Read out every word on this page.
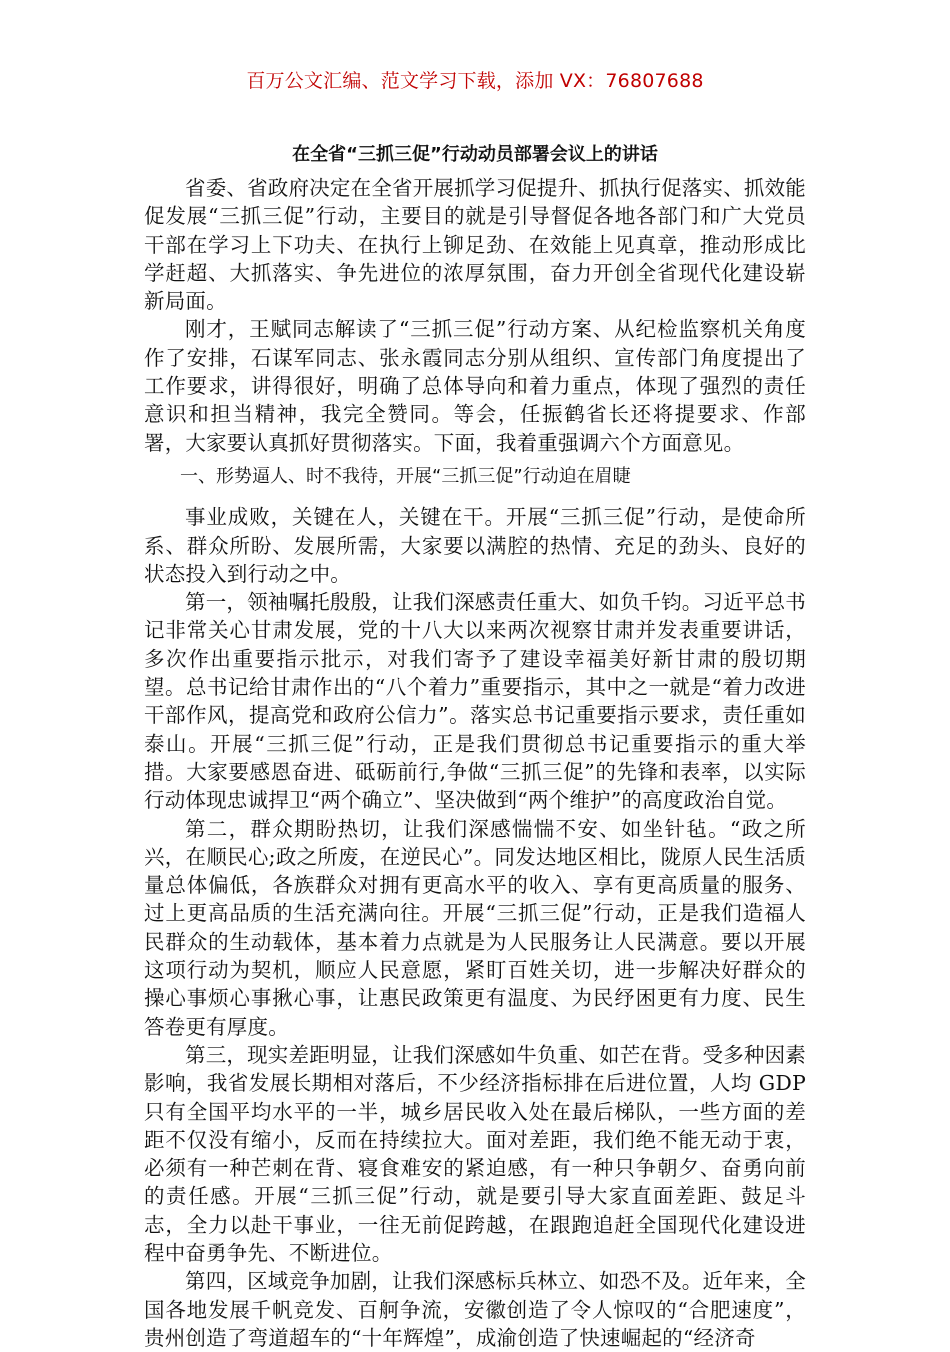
百万公文汇编、范文学习下载，添加 VX：76807688
在全省“三抓三促”行动动员部署会议上的讲话

省委、省政府决定在全省开展抓学习促提升、抓执行促落实、抓效能促发展“三抓三促”行动，主要目的就是引导督促各地各部门和广大党员干部在学习上下功夫、在执行上铆足劲、在效能上见真章，推动形成比学赶超、大抓落实、争先进位的浓厚氛围，奋力开创全省现代化建设崭新局面。

刚才，王赋同志解读了“三抓三促”行动方案、从纪检监察机关角度作了安排，石谋军同志、张永霞同志分别从组织、宣传部门角度提出了工作要求，讲得很好，明确了总体导向和着力重点，体现了强烈的责任意识和担当精神，我完全赞同。等会，任振鹤省长还将提要求、作部署，大家要认真抓好贯彻落实。下面，我着重强调六个方面意见。

一、形势逼人、时不我待，开展“三抓三促”行动迫在眉睫

事业成败，关键在人，关键在干。开展“三抓三促”行动，是使命所系、群众所盼、发展所需，大家要以满腔的热情、充足的劲头、良好的状态投入到行动之中。

第一，领袖嘱托殷殷，让我们深感责任重大、如负千钧。习近平总书记非常关心甘肃发展，党的十八大以来两次视察甘肃并发表重要讲话，多次作出重要指示批示，对我们寄予了建设幸福美好新甘肃的殷切期望。总书记给甘肃作出的“八个着力”重要指示，其中之一就是“着力改进干部作风，提高党和政府公信力”。落实总书记重要指示要求，责任重如泰山。开展“三抓三促”行动，正是我们贯彻总书记重要指示的重大举措。大家要感恩奋进、砥砺前行,争做“三抓三促”的先锋和表率，以实际行动体现忠诚捍卫“两个确立”、坚决做到“两个维护”的高度政治自觉。

第二，群众期盼热切，让我们深感惴惴不安、如坐针毡。“政之所兴，在顺民心;政之所废，在逆民心”。同发达地区相比，陇原人民生活质量总体偏低，各族群众对拥有更高水平的收入、享有更高质量的服务、过上更高品质的生活充满向往。开展“三抓三促”行动，正是我们造福人民群众的生动载体，基本着力点就是为人民服务让人民满意。要以开展这项行动为契机，顺应人民意愿，紧盯百姓关切，进一步解决好群众的操心事烦心事揪心事，让惠民政策更有温度、为民纾困更有力度、民生答卷更有厚度。

第三，现实差距明显，让我们深感如牛负重、如芒在背。受多种因素影响，我省发展长期相对落后，不少经济指标排在后进位置，人均 GDP 只有全国平均水平的一半，城乡居民收入处在最后梯队，一些方面的差距不仅没有缩小，反而在持续拉大。面对差距，我们绝不能无动于衷，必须有一种芒刺在背、寝食难安的紧迫感，有一种只争朝夕、奋勇向前的责任感。开展“三抓三促”行动，就是要引导大家直面差距、鼓足斗志，全力以赴干事业，一往无前促跨越，在跟跑追赶全国现代化建设进程中奋勇争先、不断进位。

第四，区域竞争加剧，让我们深感标兵林立、如恐不及。近年来，全国各地发展千帆竞发、百舸争流，安徽创造了令人惊叹的“合肥速度”，贵州创造了弯道超车的“十年辉煌”，成渝创造了快速崛起的“经济奇
